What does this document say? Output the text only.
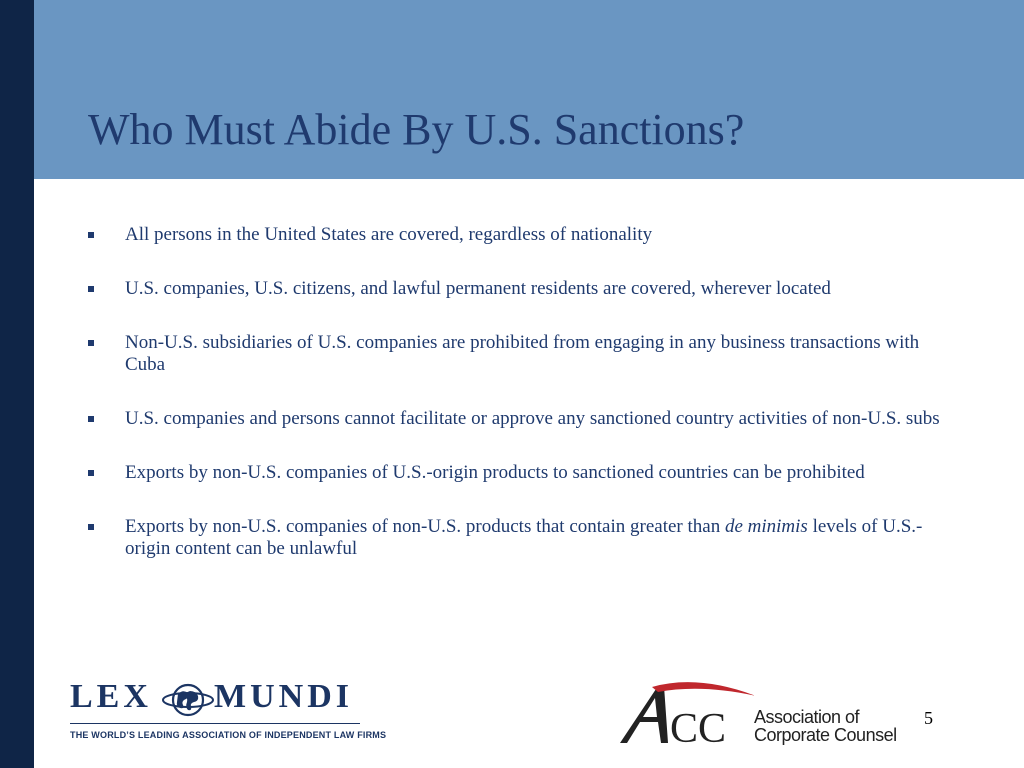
Who Must Abide By U.S. Sanctions?
All persons in the United States are covered, regardless of nationality
U.S. companies, U.S. citizens, and lawful permanent residents are covered, wherever located
Non-U.S. subsidiaries of U.S. companies are prohibited from engaging in any business transactions with Cuba
U.S. companies and persons cannot facilitate or approve any sanctioned country activities of non-U.S. subs
Exports by non-U.S. companies of U.S.-origin products to sanctioned countries can be prohibited
Exports by non-U.S. companies of non-U.S. products that contain greater than de minimis levels of U.S.-origin content can be unlawful
LEX MUNDI
THE WORLD’S LEADING ASSOCIATION OF INDEPENDENT LAW FIRMS	CC Association of
Corporate Counsel
5
